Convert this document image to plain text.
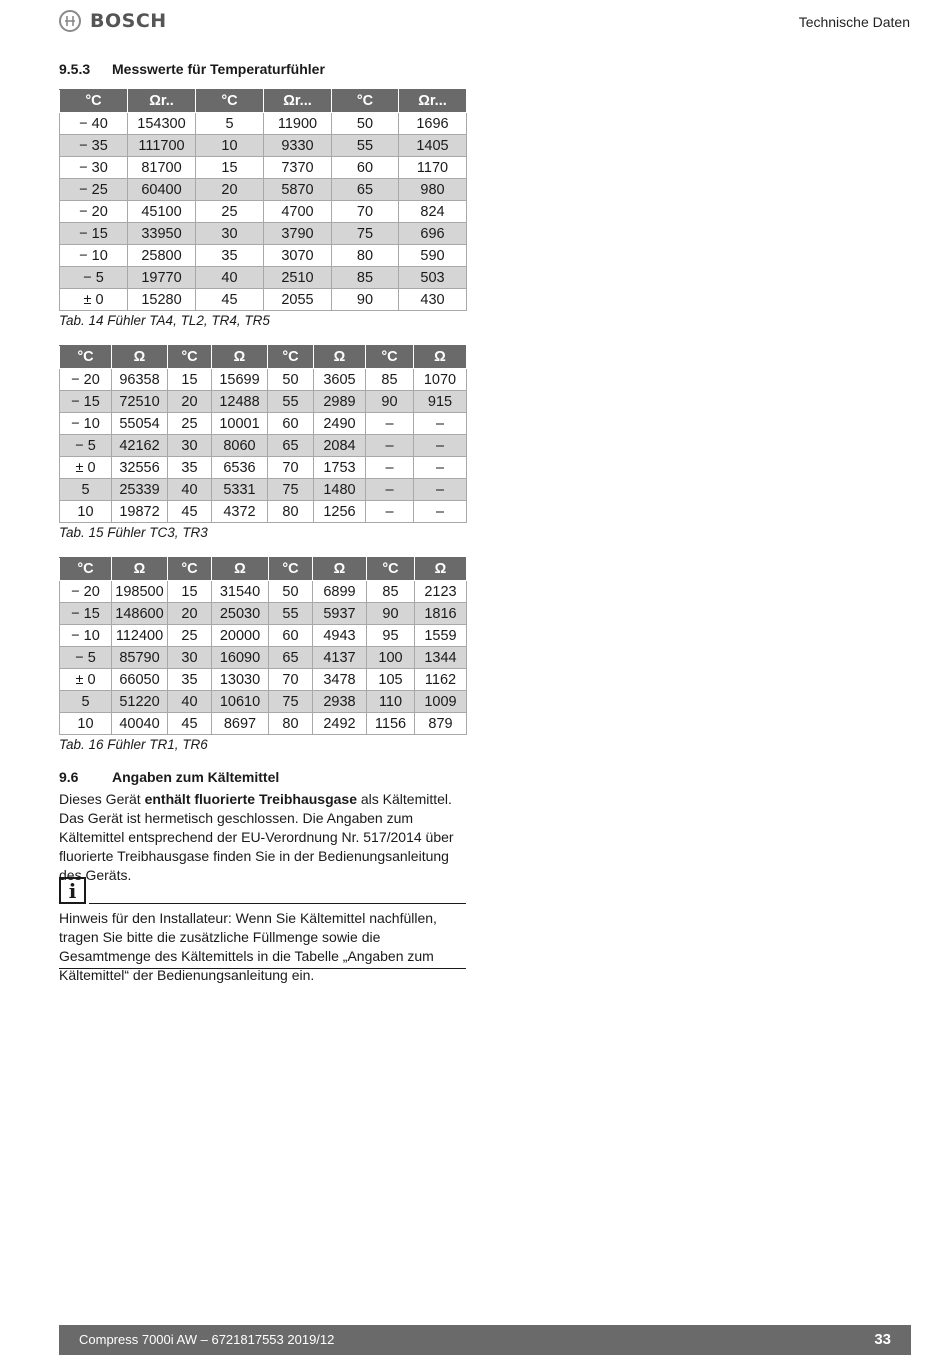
BOSCH	Technische Daten
9.5.3 Messwerte für Temperaturfühler
°C	Ωr..	°C	Ωr...	°C	Ωr...
− 40	154300	5	11900	50	1696
− 35	111700	10	9330	55	1405
− 30	81700	15	7370	60	1170
− 25	60400	20	5870	65	980
− 20	45100	25	4700	70	824
− 15	33950	30	3790	75	696
− 10	25800	35	3070	80	590
− 5	19770	40	2510	85	503
± 0	15280	45	2055	90	430
Tab. 14 Fühler TA4, TL2, TR4, TR5
°C	Ω	°C	Ω	°C	Ω	°C	Ω
− 20	96358	15	15699	50	3605	85	1070
− 15	72510	20	12488	55	2989	90	915
− 10	55054	25	10001	60	2490	–	–
− 5	42162	30	8060	65	2084	–	–
± 0	32556	35	6536	70	1753	–	–
5	25339	40	5331	75	1480	–	–
10	19872	45	4372	80	1256	–	–
Tab. 15 Fühler TC3, TR3
°C	Ω	°C	Ω	°C	Ω	°C	Ω
− 20	198500	15	31540	50	6899	85	2123
− 15	148600	20	25030	55	5937	90	1816
− 10	112400	25	20000	60	4943	95	1559
− 5	85790	30	16090	65	4137	100	1344
± 0	66050	35	13030	70	3478	105	1162
5	51220	40	10610	75	2938	110	1009
10	40040	45	8697	80	2492	1156	879
Tab. 16 Fühler TR1, TR6
9.6 Angaben zum Kältemittel

Dieses Gerät enthält fluorierte Treibhausgase als Kältemittel. Das Gerät ist hermetisch geschlossen. Die Angaben zum Kältemittel entsprechend der EU-Verordnung Nr. 517/2014 über fluorierte Treibhausgase finden Sie in der Bedienungsanleitung des Geräts.

i

Hinweis für den Installateur: Wenn Sie Kältemittel nachfüllen, tragen Sie bitte die zusätzliche Füllmenge sowie die Gesamtmenge des Kältemittels in die Tabelle „Angaben zum Kältemittel“ der Bedienungsanleitung ein.

Compress 7000i AW – 6721817553 2019/12	33
